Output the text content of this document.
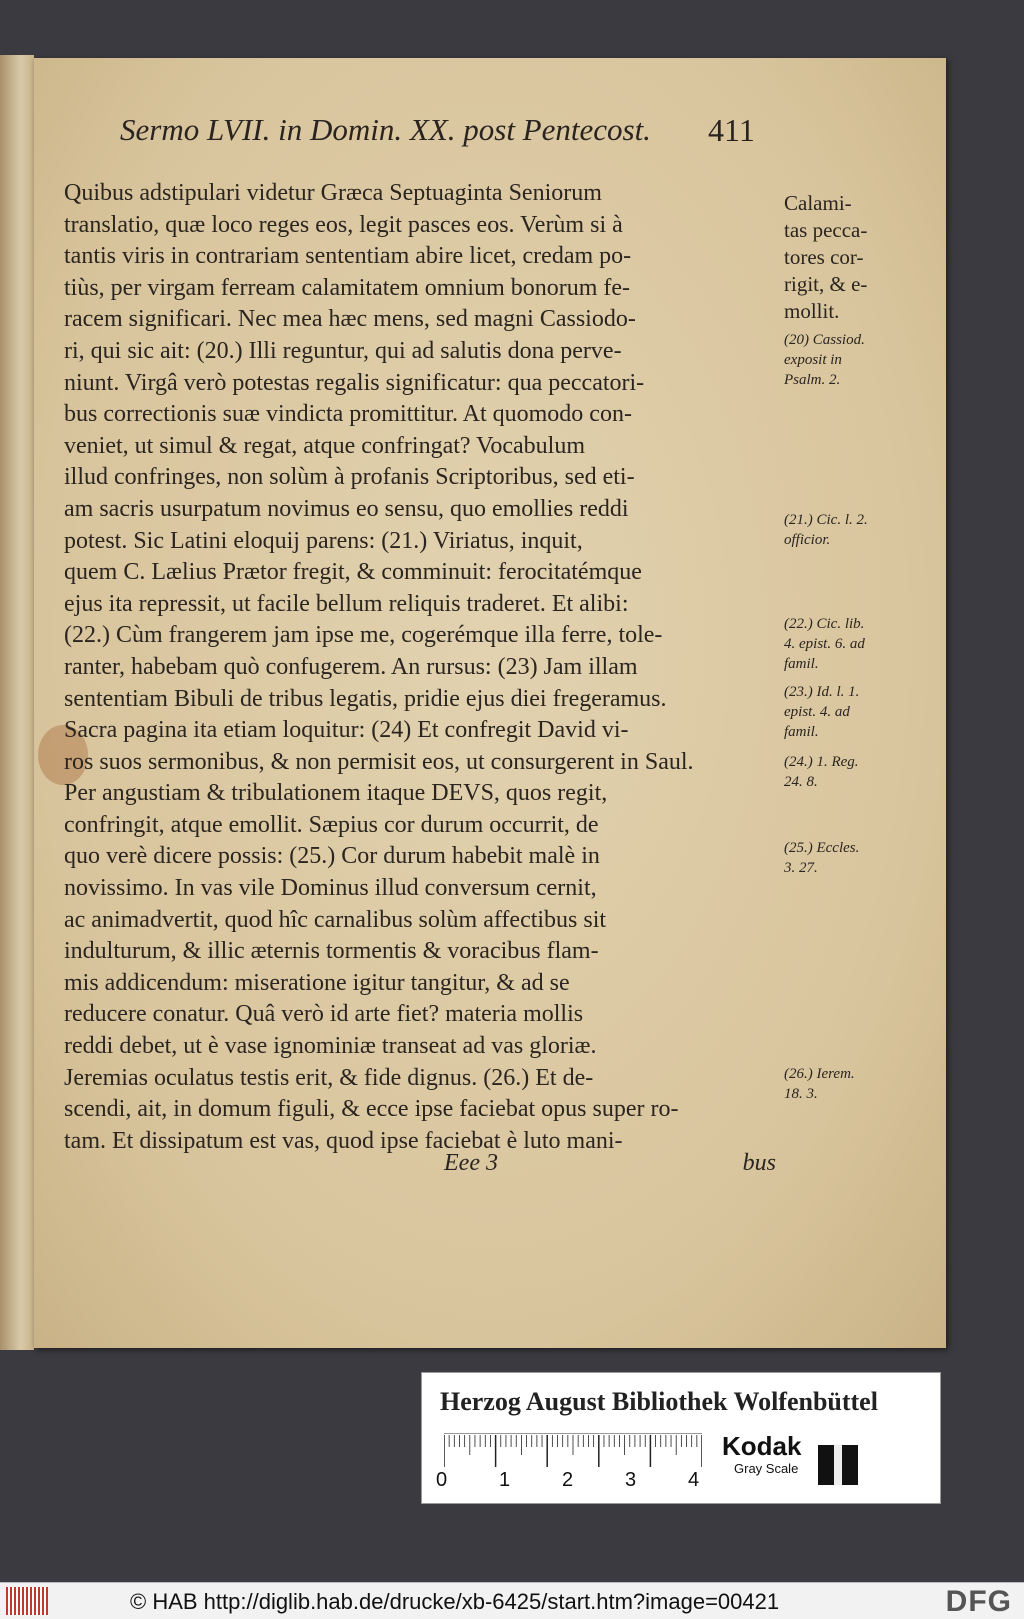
Sermo LVII. in Domin. XX. post Pentecost.	411
Quibus adstipulari videtur Græca Septuaginta Seniorum
translatio, quæ loco reges eos, legit pasces eos. Verùm si à
tantis viris in contrariam sententiam abire licet, credam po-
tiùs, per virgam ferream calamitatem omnium bonorum fe-
racem significari. Nec mea hæc mens, sed magni Cassiodo-
ri, qui sic ait: (20.) Illi reguntur, qui ad salutis dona perve-
niunt. Virgâ verò potestas regalis significatur: qua peccatori-
bus correctionis suæ vindicta promittitur. At quomodo con-
veniet, ut simul & regat, atque confringat? Vocabulum
illud confringes, non solùm à profanis Scriptoribus, sed eti-
am sacris usurpatum novimus eo sensu, quo emollies reddi
potest. Sic Latini eloquij parens: (21.) Viriatus, inquit,
quem C. Lælius Prætor fregit, & comminuit: ferocitatémque
ejus ita repressit, ut facile bellum reliquis traderet. Et alibi:
(22.) Cùm frangerem jam ipse me, cogerémque illa ferre, tole-
ranter, habebam quò confugerem. An rursus: (23) Jam illam
sententiam Bibuli de tribus legatis, pridie ejus diei fregeramus.
Sacra pagina ita etiam loquitur: (24) Et confregit David vi-
ros suos sermonibus, & non permisit eos, ut consurgerent in Saul.
Per angustiam & tribulationem itaque DEVS, quos regit,
confringit, atque emollit. Sæpius cor durum occurrit, de
quo verè dicere possis: (25.) Cor durum habebit malè in
novissimo. In vas vile Dominus illud conversum cernit,
ac animadvertit, quod hîc carnalibus solùm affectibus sit
indulturum, & illic æternis tormentis & voracibus flam-
mis addicendum: miseratione igitur tangitur, & ad se
reducere conatur. Quâ verò id arte fiet? materia mollis
reddi debet, ut è vase ignominiæ transeat ad vas gloriæ.
Jeremias oculatus testis erit, & fide dignus. (26.) Et de-
scendi, ait, in domum figuli, & ecce ipse faciebat opus super ro-
tam. Et dissipatum est vas, quod ipse faciebat è luto mani-
Eee 3	bus
Calami-
tas pecca-
tores cor-
rigit, & e-
mollit.
(20) Cassiod.
exposit in
Psalm. 2.
(21.) Cic. l. 2.
officior.
(22.) Cic. lib.
4. epist. 6. ad
famil.
(23.) Id. l. 1.
epist. 4. ad
famil.
(24.) 1. Reg.
24. 8.
(25.) Eccles.
3. 27.
(26.) Ierem.
18. 3.
Herzog August Bibliothek Wolfenbüttel
0	1	2	3	4
Kodak
Gray Scale
© HAB http://diglib.hab.de/drucke/xb-6425/start.htm?image=00421	DFG
